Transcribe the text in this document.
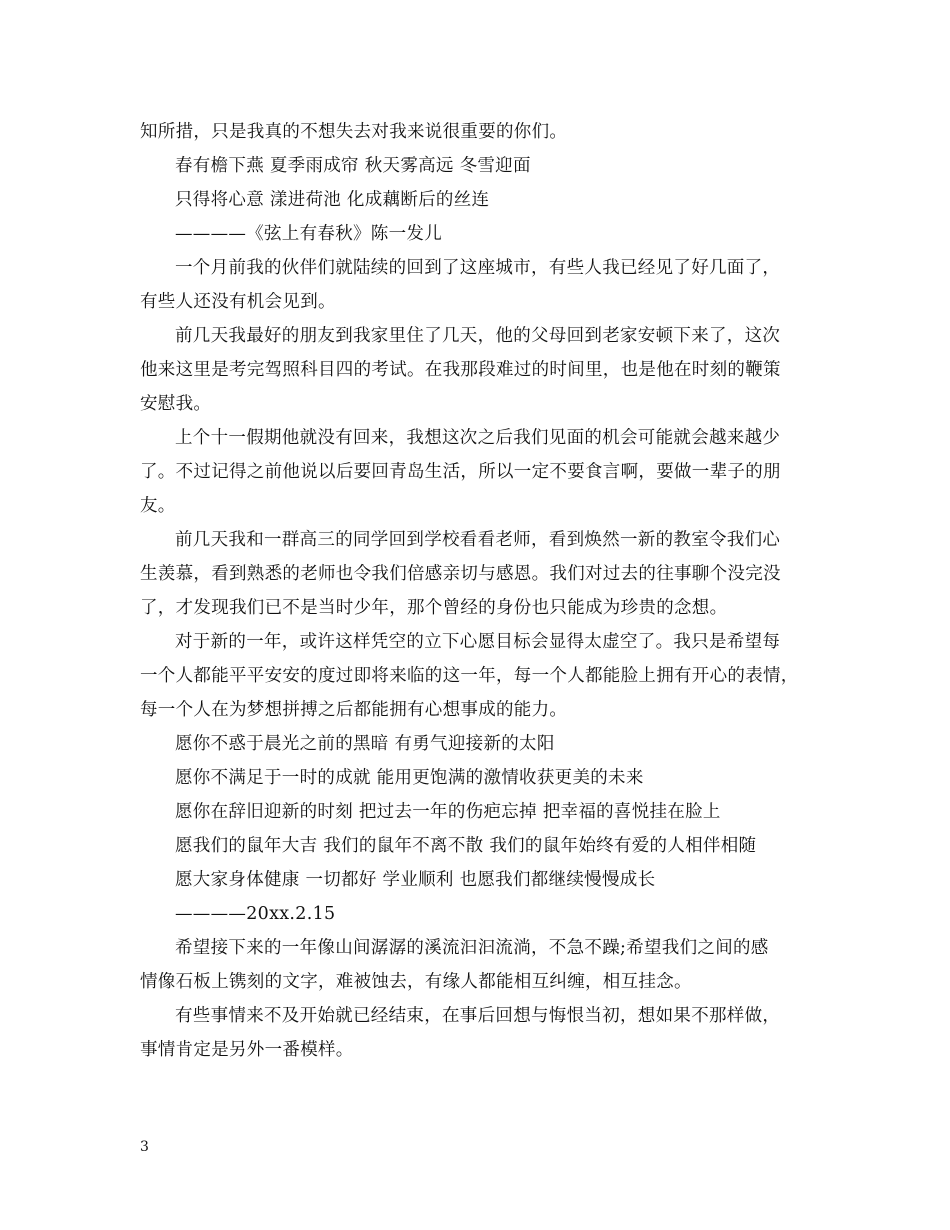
知所措，只是我真的不想失去对我来说很重要的你们。
春有檐下燕 夏季雨成帘 秋天雾高远 冬雪迎面
只得将心意 漾进荷池 化成藕断后的丝连
————《弦上有春秋》陈一发儿
一个月前我的伙伴们就陆续的回到了这座城市，有些人我已经见了好几面了，
有些人还没有机会见到。
前几天我最好的朋友到我家里住了几天，他的父母回到老家安顿下来了，这次
他来这里是考完驾照科目四的考试。在我那段难过的时间里，也是他在时刻的鞭策
安慰我。
上个十一假期他就没有回来，我想这次之后我们见面的机会可能就会越来越少
了。不过记得之前他说以后要回青岛生活，所以一定不要食言啊，要做一辈子的朋
友。
前几天我和一群高三的同学回到学校看看老师，看到焕然一新的教室令我们心
生羡慕，看到熟悉的老师也令我们倍感亲切与感恩。我们对过去的往事聊个没完没
了，才发现我们已不是当时少年，那个曾经的身份也只能成为珍贵的念想。
对于新的一年，或许这样凭空的立下心愿目标会显得太虚空了。我只是希望每
一个人都能平平安安的度过即将来临的这一年，每一个人都能脸上拥有开心的表情，
每一个人在为梦想拼搏之后都能拥有心想事成的能力。
愿你不惑于晨光之前的黑暗 有勇气迎接新的太阳
愿你不满足于一时的成就 能用更饱满的激情收获更美的未来
愿你在辞旧迎新的时刻 把过去一年的伤疤忘掉 把幸福的喜悦挂在脸上
愿我们的鼠年大吉 我们的鼠年不离不散 我们的鼠年始终有爱的人相伴相随
愿大家身体健康 一切都好 学业顺利 也愿我们都继续慢慢成长
————20xx.2.15
希望接下来的一年像山间潺潺的溪流汩汩流淌，不急不躁;希望我们之间的感
情像石板上镌刻的文字，难被蚀去，有缘人都能相互纠缠，相互挂念。
有些事情来不及开始就已经结束，在事后回想与悔恨当初，想如果不那样做，
事情肯定是另外一番模样。
3
